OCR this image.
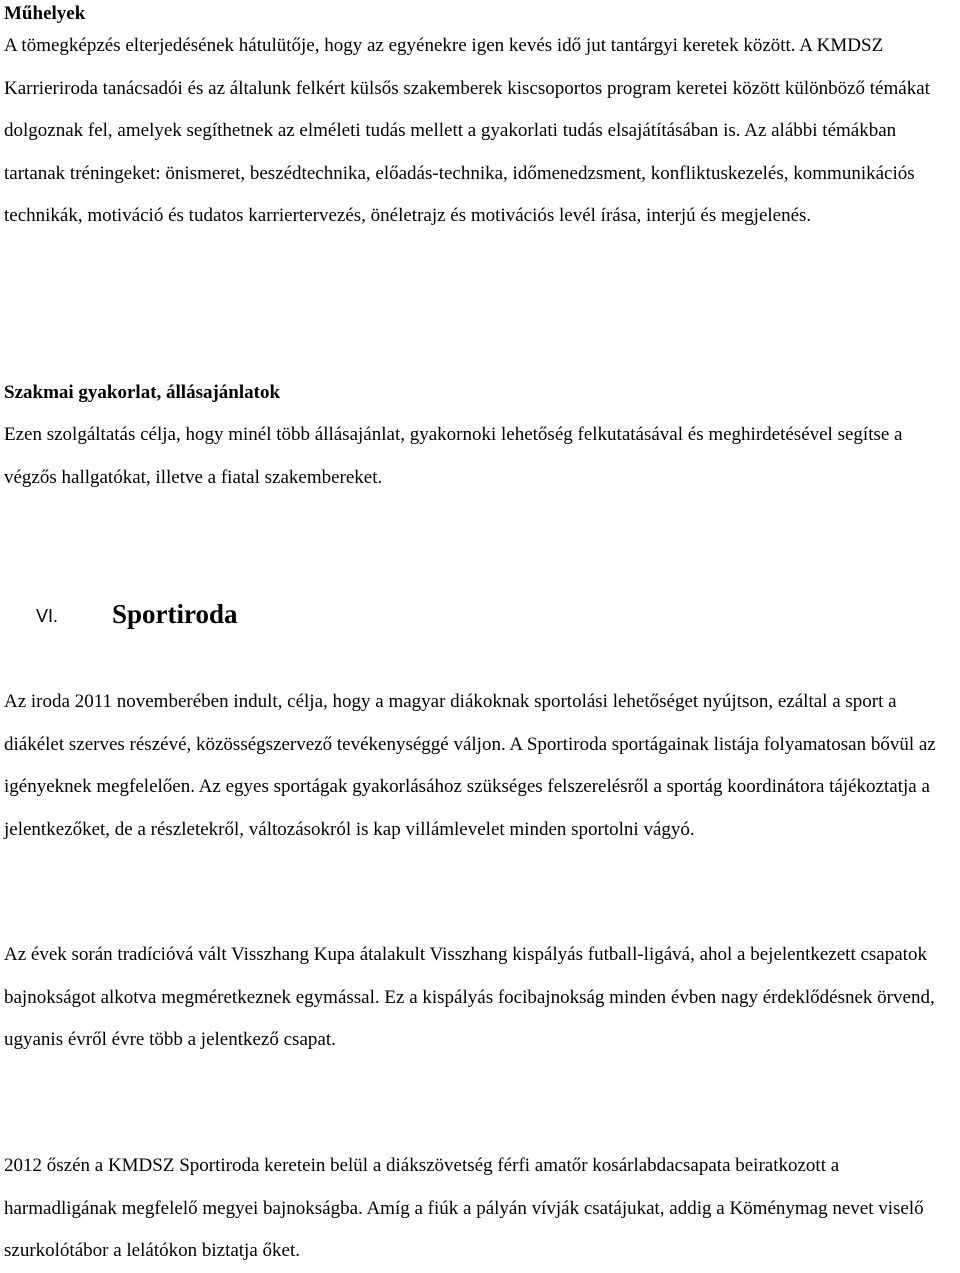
Műhelyek

A tömegképzés elterjedésének hátulütője, hogy az egyénekre igen kevés idő jut tantárgyi keretek között. A KMDSZ Karrieriroda tanácsadói és az általunk felkért külsős szakemberek kiscsoportos program keretei között különböző témákat dolgoznak fel, amelyek segíthetnek az elméleti tudás mellett a gyakorlati tudás elsajátításában is. Az alábbi témákban tartanak tréningeket: önismeret, beszédtechnika, előadás-technika, időmenedzsment, konfliktuskezelés, kommunikációs technikák, motiváció és tudatos karriertervezés, önéletrajz és motivációs levél írása, interjú és megjelenés.

Szakmai gyakorlat, állásajánlatok

Ezen szolgáltatás célja, hogy minél több állásajánlat, gyakornoki lehetőség felkutatásával és meghirdetésével segítse a végzős hallgatókat, illetve a fiatal szakembereket.

VI. Sportiroda

Az iroda 2011 novemberében indult, célja, hogy a magyar diákoknak sportolási lehetőséget nyújtson, ezáltal a sport a diákélet szerves részévé, közösségszervező tevékenységgé váljon. A Sportiroda sportágainak listája folyamatosan bővül az igényeknek megfelelően. Az egyes sportágak gyakorlásához szükséges felszerelésről a sportág koordinátora tájékoztatja a jelentkezőket, de a részletekről, változásokról is kap villámlevelet minden sportolni vágyó.

Az évek során tradícióvá vált Visszhang Kupa átalakult Visszhang kispályás futball-ligává, ahol a bejelentkezett csapatok bajnokságot alkotva megméretkeznek egymással. Ez a kispályás focibajnokság minden évben nagy érdeklődésnek örvend, ugyanis évről évre több a jelentkező csapat.

2012 őszén a KMDSZ Sportiroda keretein belül a diákszövetség férfi amatőr kosárlabdacsapata beiratkozott a harmadligának megfelelő megyei bajnokságba. Amíg a fiúk a pályán vívják csatájukat, addig a Köménymag nevet viselő szurkolótábor a lelátókon biztatja őket.
